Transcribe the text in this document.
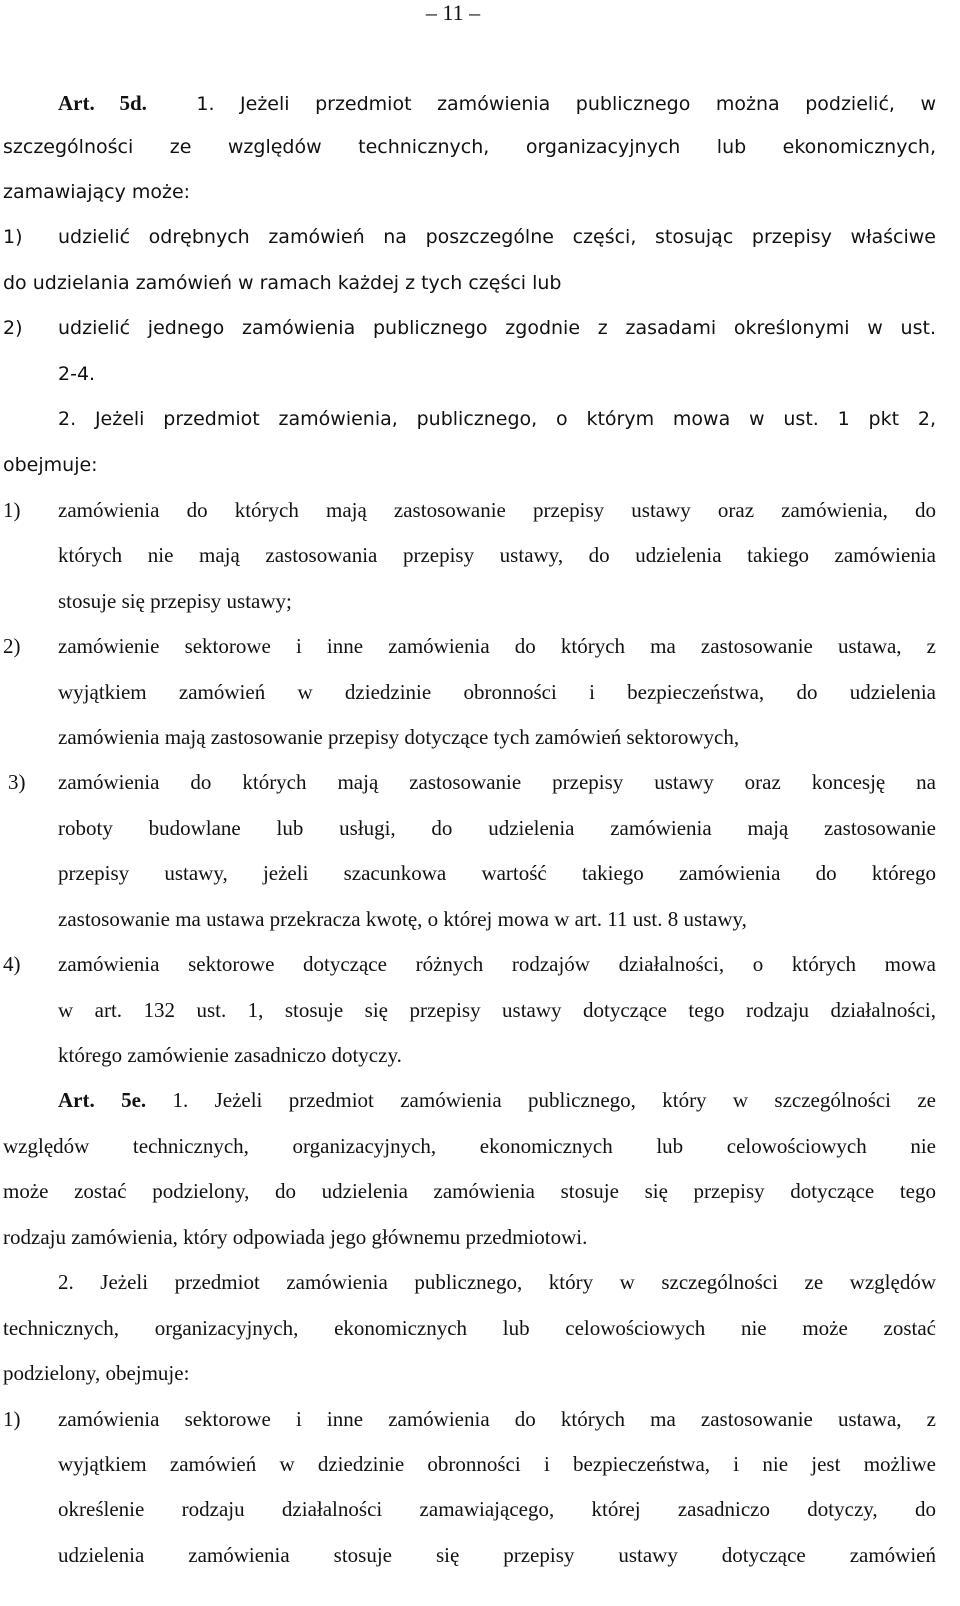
– 11 –
Art. 5d.	1. Jeżeli przedmiot zamówienia publicznego można podzielić, w
szczególności ze względów technicznych, organizacyjnych lub ekonomicznych,
zamawiający może:
1) udzielić odrębnych zamówień na poszczególne części, stosując przepisy właściwe
do udzielania zamówień w ramach każdej z tych części lub
2) udzielić jednego zamówienia publicznego zgodnie z zasadami określonymi w ust.
2-4.
2. Jeżeli przedmiot zamówienia, publicznego, o którym mowa w ust. 1 pkt 2,
obejmuje:
1) zamówienia do których mają zastosowanie przepisy ustawy oraz zamówienia, do
których nie mają zastosowania przepisy ustawy, do udzielenia takiego zamówienia
stosuje się przepisy ustawy;
2) zamówienie sektorowe i inne zamówienia do których ma zastosowanie ustawa, z
wyjątkiem zamówień w dziedzinie obronności i bezpieczeństwa, do udzielenia
zamówienia mają zastosowanie przepisy dotyczące tych zamówień sektorowych,
3) zamówienia do których mają zastosowanie przepisy ustawy oraz koncesję na
roboty budowlane lub usługi, do udzielenia zamówienia mają zastosowanie
przepisy ustawy, jeżeli szacunkowa wartość takiego zamówienia do którego
zastosowanie ma ustawa przekracza kwotę, o której mowa w art. 11 ust. 8 ustawy,
4) zamówienia sektorowe dotyczące różnych rodzajów działalności, o których mowa
w art. 132 ust. 1, stosuje się przepisy ustawy dotyczące tego rodzaju działalności,
którego zamówienie zasadniczo dotyczy.
Art. 5e. 1. Jeżeli przedmiot zamówienia publicznego, który w szczególności ze
względów technicznych, organizacyjnych, ekonomicznych lub celowościowych nie
może zostać podzielony, do udzielenia zamówienia stosuje się przepisy dotyczące tego
rodzaju zamówienia, który odpowiada jego głównemu przedmiotowi.
2. Jeżeli przedmiot zamówienia publicznego, który w szczególności ze względów
technicznych, organizacyjnych, ekonomicznych lub celowościowych nie może zostać
podzielony, obejmuje:
1) zamówienia sektorowe i inne zamówienia do których ma zastosowanie ustawa, z
wyjątkiem zamówień w dziedzinie obronności i bezpieczeństwa, i nie jest możliwe
określenie rodzaju działalności zamawiającego, której zasadniczo dotyczy, do
udzielenia zamówienia stosuje się przepisy ustawy dotyczące zamówień
